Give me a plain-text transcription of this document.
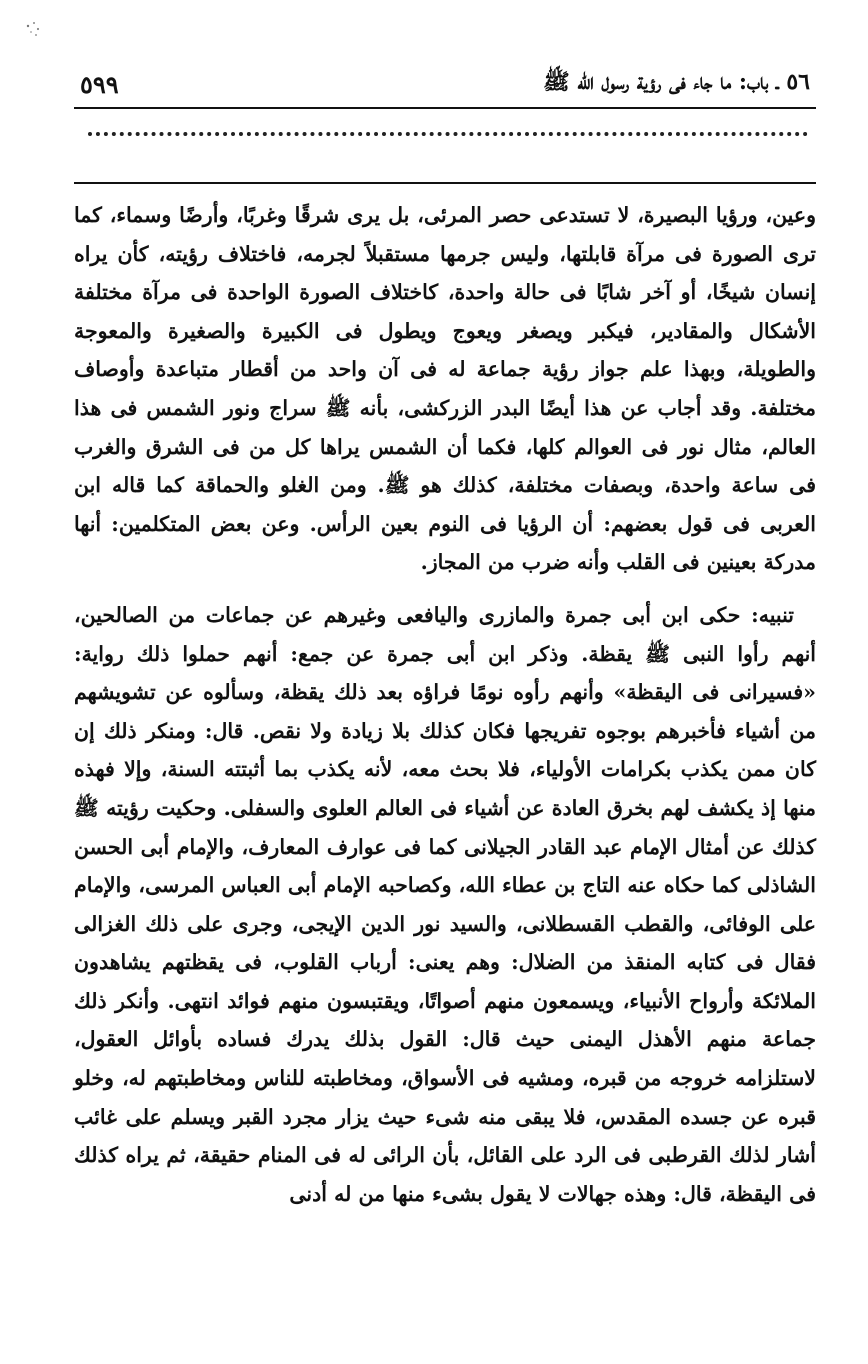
٥٦ ـ باب: ما جاء فى رؤية رسول الله ﷺ
٥٩٩

وعين، ورؤيا البصيرة، لا تستدعى حصر المرئى، بل يرى شرقًا وغربًا، وأرضًا وسماء، كما ترى الصورة فى مرآة قابلتها، وليس جرمها مستقبلاً لجرمه، فاختلاف رؤيته، كأن يراه إنسان شيخًا، أو آخر شابًا فى حالة واحدة، كاختلاف الصورة الواحدة فى مرآة مختلفة الأشكال والمقادير، فيكبر ويصغر ويعوج ويطول فى الكبيرة والصغيرة والمعوجة والطويلة، وبهذا علم جواز رؤية جماعة له فى آن واحد من أقطار متباعدة وأوصاف مختلفة. وقد أجاب عن هذا أيضًا البدر الزركشى، بأنه ﷺ سراج ونور الشمس فى هذا العالم، مثال نور فى العوالم كلها، فكما أن الشمس يراها كل من فى الشرق والغرب فى ساعة واحدة، وبصفات مختلفة، كذلك هو ﷺ. ومن الغلو والحماقة كما قاله ابن العربى فى قول بعضهم: أن الرؤيا فى النوم بعين الرأس. وعن بعض المتكلمين: أنها مدركة بعينين فى القلب وأنه ضرب من المجاز.

تنبيه: حكى ابن أبى جمرة والمازرى واليافعى وغيرهم عن جماعات من الصالحين، أنهم رأوا النبى ﷺ يقظة. وذكر ابن أبى جمرة عن جمع: أنهم حملوا ذلك رواية: «فسيرانى فى اليقظة» وأنهم رأوه نومًا فراؤه بعد ذلك يقظة، وسألوه عن تشويشهم من أشياء فأخبرهم بوجوه تفريجها فكان كذلك بلا زيادة ولا نقص. قال: ومنكر ذلك إن كان ممن يكذب بكرامات الأولياء، فلا بحث معه، لأنه يكذب بما أثبتته السنة، وإلا فهذه منها إذ يكشف لهم بخرق العادة عن أشياء فى العالم العلوى والسفلى. وحكيت رؤيته ﷺ كذلك عن أمثال الإمام عبد القادر الجيلانى كما فى عوارف المعارف، والإمام أبى الحسن الشاذلى كما حكاه عنه التاج بن عطاء الله، وكصاحبه الإمام أبى العباس المرسى، والإمام على الوفائى، والقطب القسطلانى، والسيد نور الدين الإيجى، وجرى على ذلك الغزالى فقال فى كتابه المنقذ من الضلال: وهم يعنى: أرباب القلوب، فى يقظتهم يشاهدون الملائكة وأرواح الأنبياء، ويسمعون منهم أصواتًا، ويقتبسون منهم فوائد انتهى. وأنكر ذلك جماعة منهم الأهذل اليمنى حيث قال: القول بذلك يدرك فساده بأوائل العقول، لاستلزامه خروجه من قبره، ومشيه فى الأسواق، ومخاطبته للناس ومخاطبتهم له، وخلو قبره عن جسده المقدس، فلا يبقى منه شىء حيث يزار مجرد القبر ويسلم على غائب أشار لذلك القرطبى فى الرد على القائل، بأن الرائى له فى المنام حقيقة، ثم يراه كذلك فى اليقظة، قال: وهذه جهالات لا يقول بشىء منها من له أدنى
